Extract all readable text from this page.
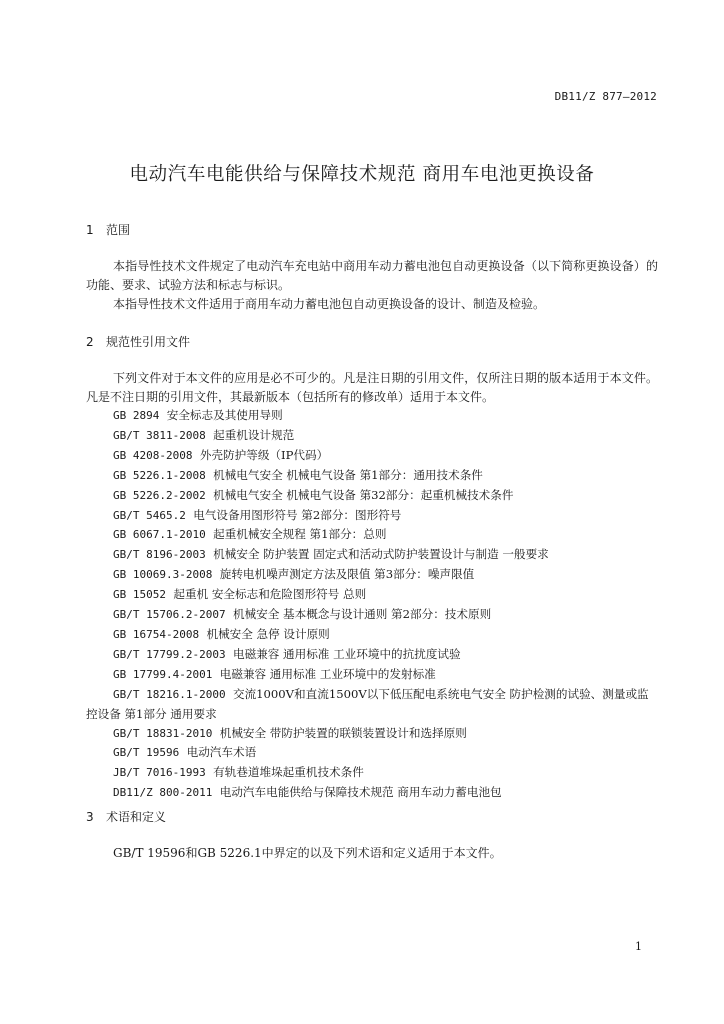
DB11/Z 877—2012
电动汽车电能供给与保障技术规范 商用车电池更换设备
1 范围
本指导性技术文件规定了电动汽车充电站中商用车动力蓄电池包自动更换设备（以下简称更换设备）的功能、要求、试验方法和标志与标识。
本指导性技术文件适用于商用车动力蓄电池包自动更换设备的设计、制造及检验。
2 规范性引用文件
下列文件对于本文件的应用是必不可少的。凡是注日期的引用文件，仅所注日期的版本适用于本文件。凡是不注日期的引用文件，其最新版本（包括所有的修改单）适用于本文件。
GB 2894 安全标志及其使用导则
GB/T 3811-2008 起重机设计规范
GB 4208-2008 外壳防护等级（IP代码）
GB 5226.1-2008 机械电气安全 机械电气设备 第1部分：通用技术条件
GB 5226.2-2002 机械电气安全 机械电气设备 第32部分：起重机械技术条件
GB/T 5465.2 电气设备用图形符号 第2部分：图形符号
GB 6067.1-2010 起重机械安全规程 第1部分：总则
GB/T 8196-2003 机械安全 防护装置 固定式和活动式防护装置设计与制造 一般要求
GB 10069.3-2008 旋转电机噪声测定方法及限值 第3部分：噪声限值
GB 15052 起重机 安全标志和危险图形符号 总则
GB/T 15706.2-2007 机械安全 基本概念与设计通则 第2部分：技术原则
GB 16754-2008 机械安全 急停 设计原则
GB/T 17799.2-2003 电磁兼容 通用标准 工业环境中的抗扰度试验
GB 17799.4-2001 电磁兼容 通用标准 工业环境中的发射标准
GB/T 18216.1-2000 交流1000V和直流1500V以下低压配电系统电气安全 防护检测的试验、测量或监控设备 第1部分 通用要求
GB/T 18831-2010 机械安全 带防护装置的联锁装置设计和选择原则
GB/T 19596 电动汽车术语
JB/T 7016-1993 有轨巷道堆垛起重机技术条件
DB11/Z 800-2011 电动汽车电能供给与保障技术规范 商用车动力蓄电池包
3 术语和定义
GB/T 19596和GB 5226.1中界定的以及下列术语和定义适用于本文件。
1
